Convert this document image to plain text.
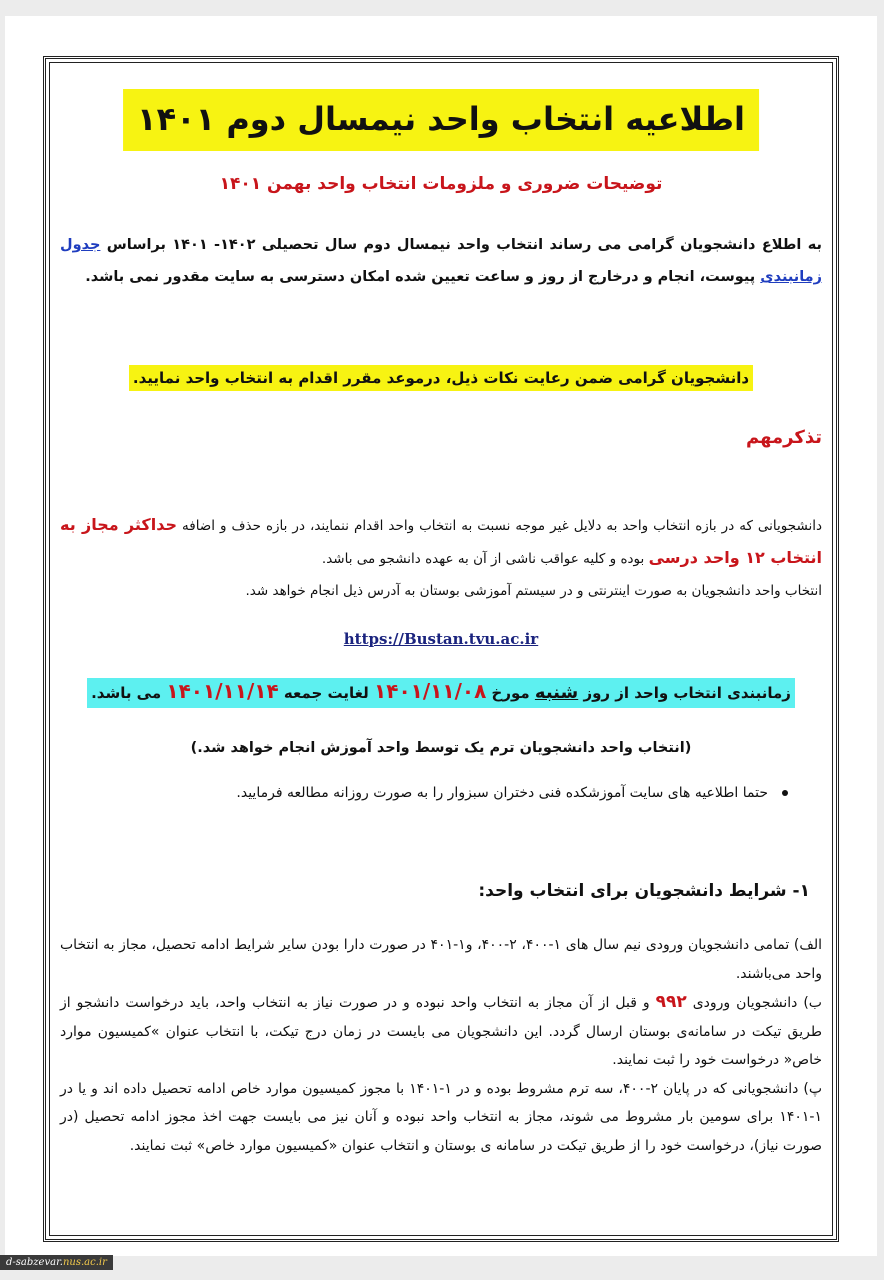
اطلاعیه انتخاب واحد نیمسال دوم ۱۴۰۱
توضیحات ضروری و ملزومات انتخاب واحد بهمن ۱۴۰۱
به اطلاع دانشجویان گرامی می رساند انتخاب واحد نیمسال دوم سال تحصیلی ۱۴۰۲- ۱۴۰۱ براساس جدول زمانبندی پیوست، انجام و درخارج از روز و ساعت تعیین شده امکان دسترسی به سایت مقدور نمی باشد.
دانشجویان گرامی ضمن رعایت نکات ذیل، درموعد مقرر اقدام به انتخاب واحد نمایید.
تذکرمهم
دانشجویانی که در بازه انتخاب واحد به دلایل غیر موجه نسبت به انتخاب واحد اقدام ننمایند، در بازه حذف و اضافه حداکثر مجاز به انتخاب ۱۲ واحد درسی بوده و کلیه عواقب ناشی از آن به عهده دانشجو می باشد.
انتخاب واحد دانشجویان به صورت اینترنتی و در سیستم آموزشی بوستان به آدرس ذیل انجام خواهد شد.
https://Bustan.tvu.ac.ir
زمانبندی انتخاب واحد از روز شنبه مورخ ۱۴۰۱/۱۱/۰۸ لغایت جمعه ۱۴۰۱/۱۱/۱۴ می باشد.
(انتخاب واحد دانشجویان ترم یک توسط واحد آموزش انجام خواهد شد.)
حتما اطلاعیه های سایت آموزشکده فنی دختران سبزوار را به صورت روزانه مطالعه فرمایید.
۱- شرایط دانشجویان برای انتخاب واحد:
الف) تمامی دانشجویان ورودی نیم سال های ۱-۴۰۰، ۲-۴۰۰، و۱-۴۰۱ در صورت دارا بودن سایر شرایط ادامه تحصیل، مجاز به انتخاب واحد می‌باشند.
ب) دانشجویان ورودی ۹۹۲ و قبل از آن مجاز به انتخاب واحد نبوده و در صورت نیاز به انتخاب واحد، باید درخواست دانشجو از طریق تیکت در سامانه‌ی بوستان ارسال گردد. این دانشجویان می بایست در زمان درج تیکت، با انتخاب عنوان »کمیسیون موارد خاص« درخواست خود را ثبت نمایند.
پ) دانشجویانی که در پایان ۲-۴۰۰، سه ترم مشروط بوده و در ۱-۱۴۰۱ با مجوز کمیسیون موارد خاص ادامه تحصیل داده اند و یا در ۱-۱۴۰۱ برای سومین بار مشروط می شوند، مجاز به انتخاب واحد نبوده و آنان نیز می بایست جهت اخذ مجوز ادامه تحصیل (در صورت نیاز)، درخواست خود را از طریق تیکت در سامانه ی بوستان و انتخاب عنوان «کمیسیون موارد خاص» ثبت نمایند.
d-sabzevar.nus.ac.ir
